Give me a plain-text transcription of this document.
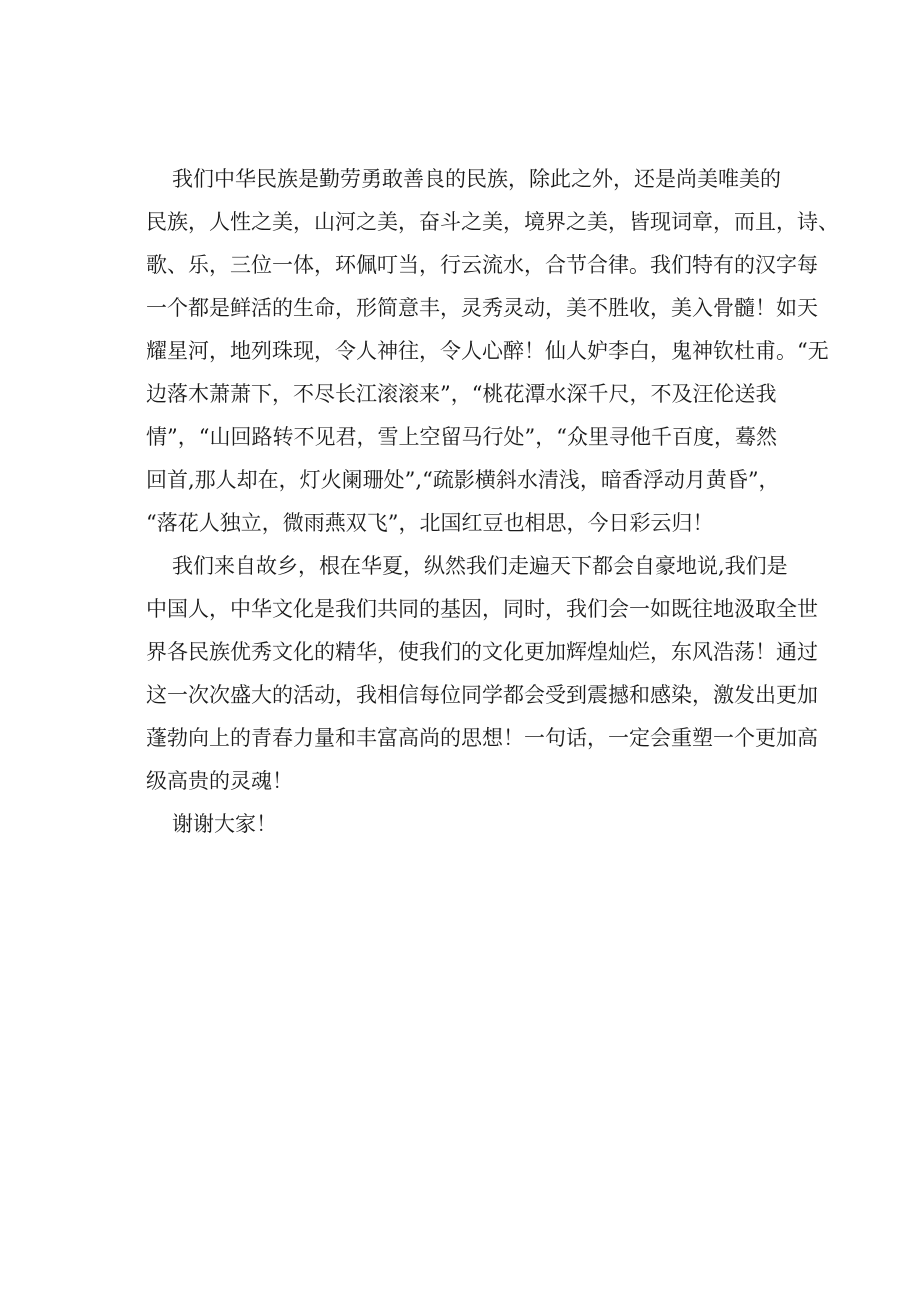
我们中华民族是勤劳勇敢善良的民族，除此之外，还是尚美唯美的
民族，人性之美，山河之美，奋斗之美，境界之美，皆现词章，而且，诗、
歌、乐，三位一体，环佩叮当，行云流水，合节合律。我们特有的汉字每
一个都是鲜活的生命，形简意丰，灵秀灵动，美不胜收，美入骨髓！如天
耀星河，地列珠现，令人神往，令人心醉！仙人妒李白，鬼神钦杜甫。“无
边落木萧萧下，不尽长江滚滚来”，“桃花潭水深千尺，不及汪伦送我
情”，“山回路转不见君，雪上空留马行处”，“众里寻他千百度，蓦然
回首,那人却在，灯火阑珊处”,“疏影横斜水清浅，暗香浮动月黄昏”，
“落花人独立，微雨燕双飞”，北国红豆也相思，今日彩云归！
我们来自故乡，根在华夏，纵然我们走遍天下都会自豪地说,我们是
中国人，中华文化是我们共同的基因，同时，我们会一如既往地汲取全世
界各民族优秀文化的精华，使我们的文化更加辉煌灿烂，东风浩荡！通过
这一次次盛大的活动，我相信每位同学都会受到震撼和感染，激发出更加
蓬勃向上的青春力量和丰富高尚的思想！一句话，一定会重塑一个更加高
级高贵的灵魂！
谢谢大家！
